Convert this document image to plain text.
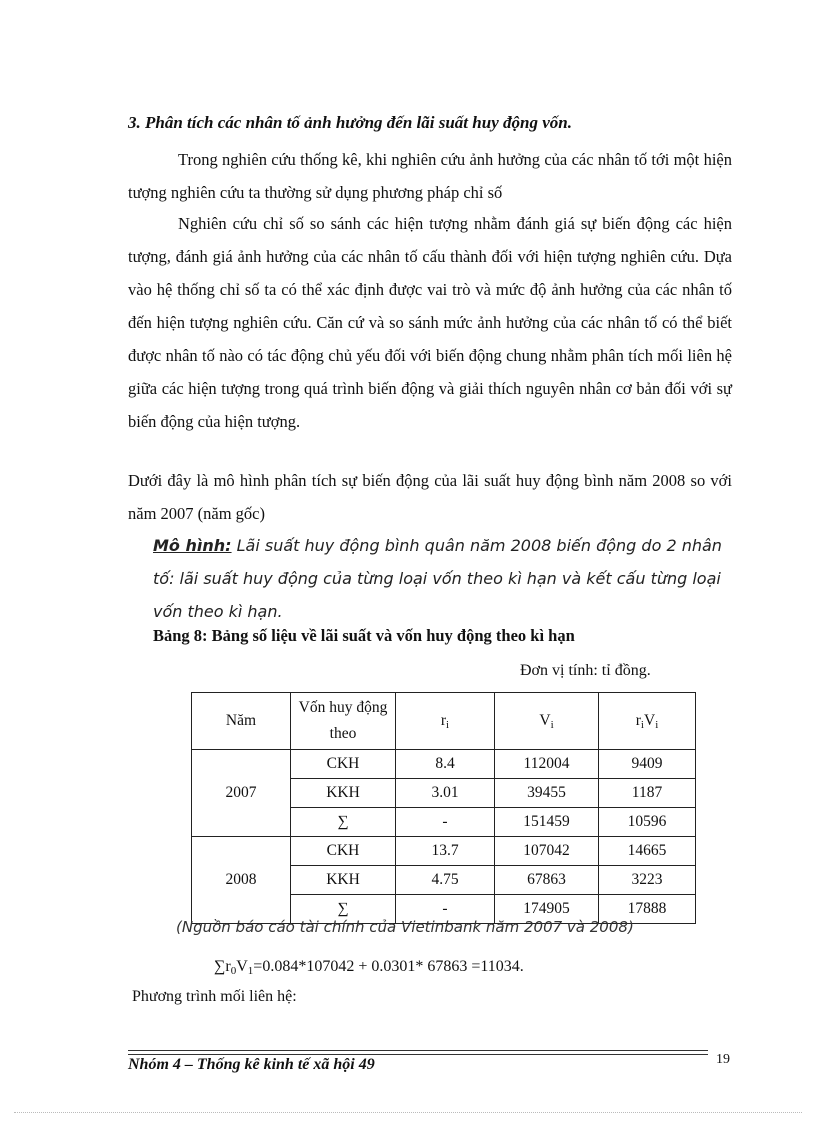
3. Phân tích các nhân tố ảnh hưởng đến lãi suất huy động vốn.
Trong nghiên cứu thống kê, khi nghiên cứu ảnh hưởng của các nhân tố tới một hiện tượng nghiên cứu ta thường sử dụng phương pháp chỉ số
Nghiên cứu chỉ số so sánh các hiện tượng nhằm đánh giá sự biến động các hiện tượng, đánh giá ảnh hưởng của các nhân tố cấu thành đối với hiện tượng nghiên cứu. Dựa vào hệ thống chỉ số ta có thể xác định được vai trò và mức độ ảnh hưởng của các nhân tố đến hiện tượng nghiên cứu. Căn cứ và so sánh mức ảnh hưởng của các nhân tố có thể biết được nhân tố nào có tác động chủ yếu đối với biến động chung nhằm phân tích mối liên hệ giữa các hiện tượng trong quá trình biến động và giải thích nguyên nhân cơ bản đối với sự biến động của hiện tượng.
Dưới đây là mô hình phân tích sự biến động của lãi suất huy động bình năm 2008 so với năm 2007 (năm gốc)
Mô hình: Lãi suất huy động bình quân năm 2008 biến động do 2 nhân tố: lãi suất huy động của từng loại vốn theo kì hạn và kết cấu từng loại vốn theo kì hạn.
Bảng 8: Bảng số liệu về lãi suất và vốn huy động theo kì hạn
Đơn vị tính: tỉ đồng.
Năm	Vốn huy động theo	$r_i$	$V_i$	$r_iV_i$
2007	CKH	8.4	112004	9409
	KKH	3.01	39455	1187
	∑	-	151459	10596
2008	CKH	13.7	107042	14665
	KKH	4.75	67863	3223
	∑	-	174905	17888
(Nguồn báo cáo tài chính của Vietinbank năm 2007 và 2008)
$\sum r_0V_1=0.084*107042 + 0.0301*$ 67863 =11034.
Phương trình mối liên hệ:
Nhóm 4 – Thống kê kinh tế xã hội 49	19
